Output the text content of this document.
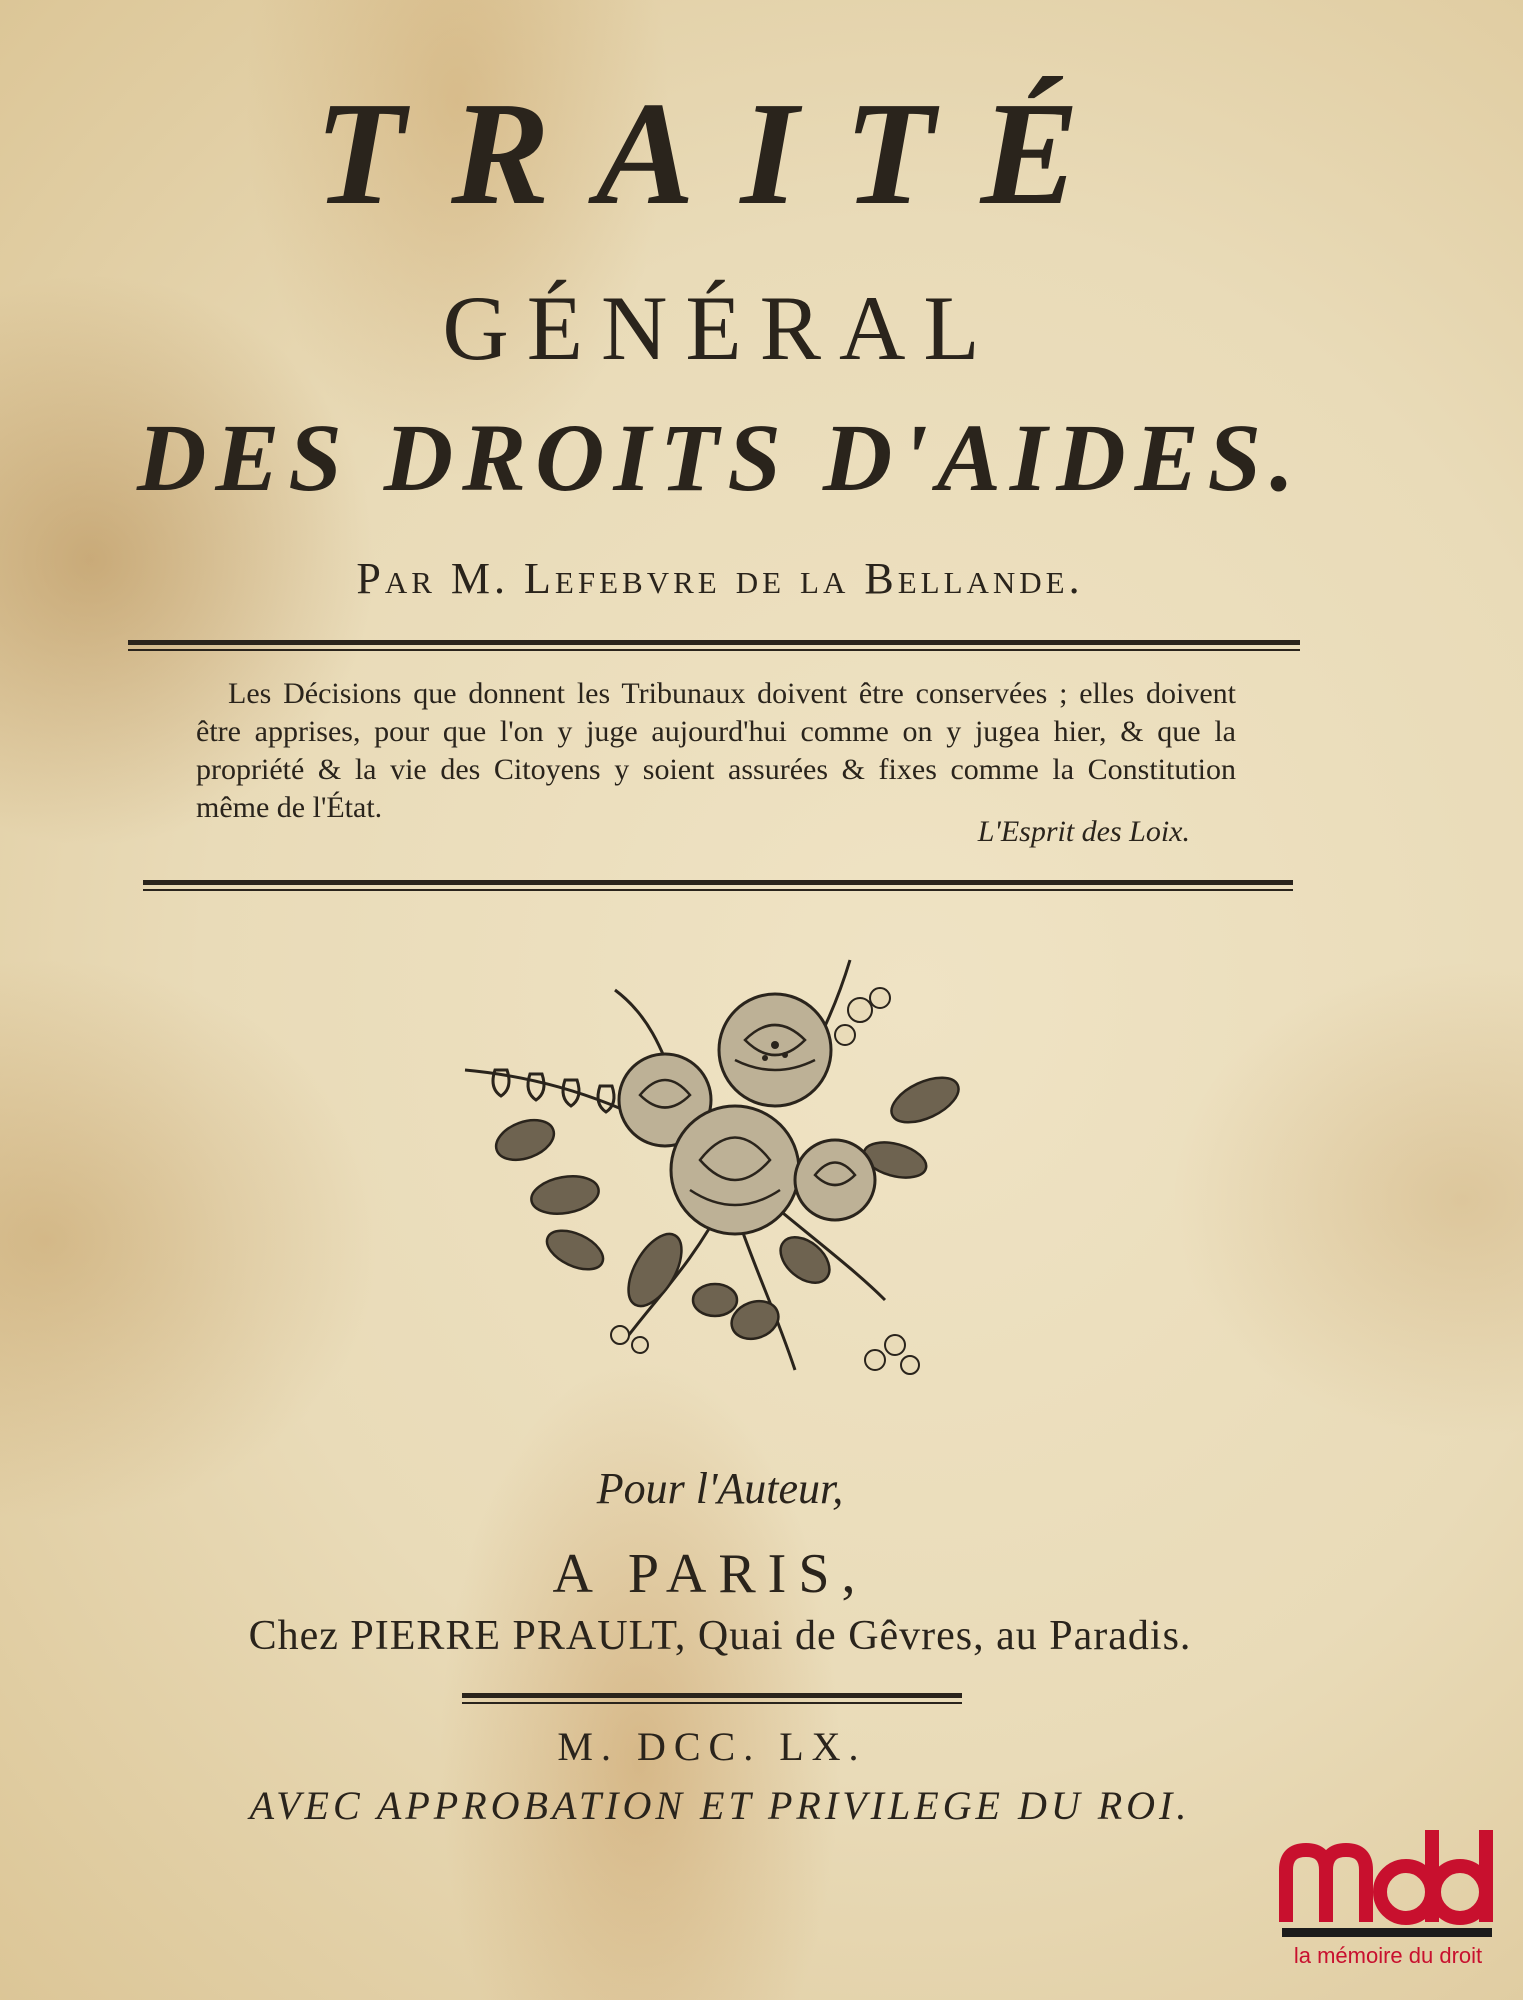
TRAITÉ
GÉNÉRAL
DES DROITS D'AIDES.
Par M. Lefebvre de la Bellande.
Les Décisions que donnent les Tribunaux doivent être conservées ; elles doivent être apprises, pour que l'on y juge aujourd'hui comme on y jugea hier, & que la propriété & la vie des Citoyens y soient assurées & fixes comme la Constitution même de l'État.
L'Esprit des Loix.
Pour l'Auteur,
A PARIS,
Chez PIERRE PRAULT, Quai de Gêvres, au Paradis.
M. DCC. LX.
AVEC APPROBATION ET PRIVILEGE DU ROI.
la mémoire du droit
